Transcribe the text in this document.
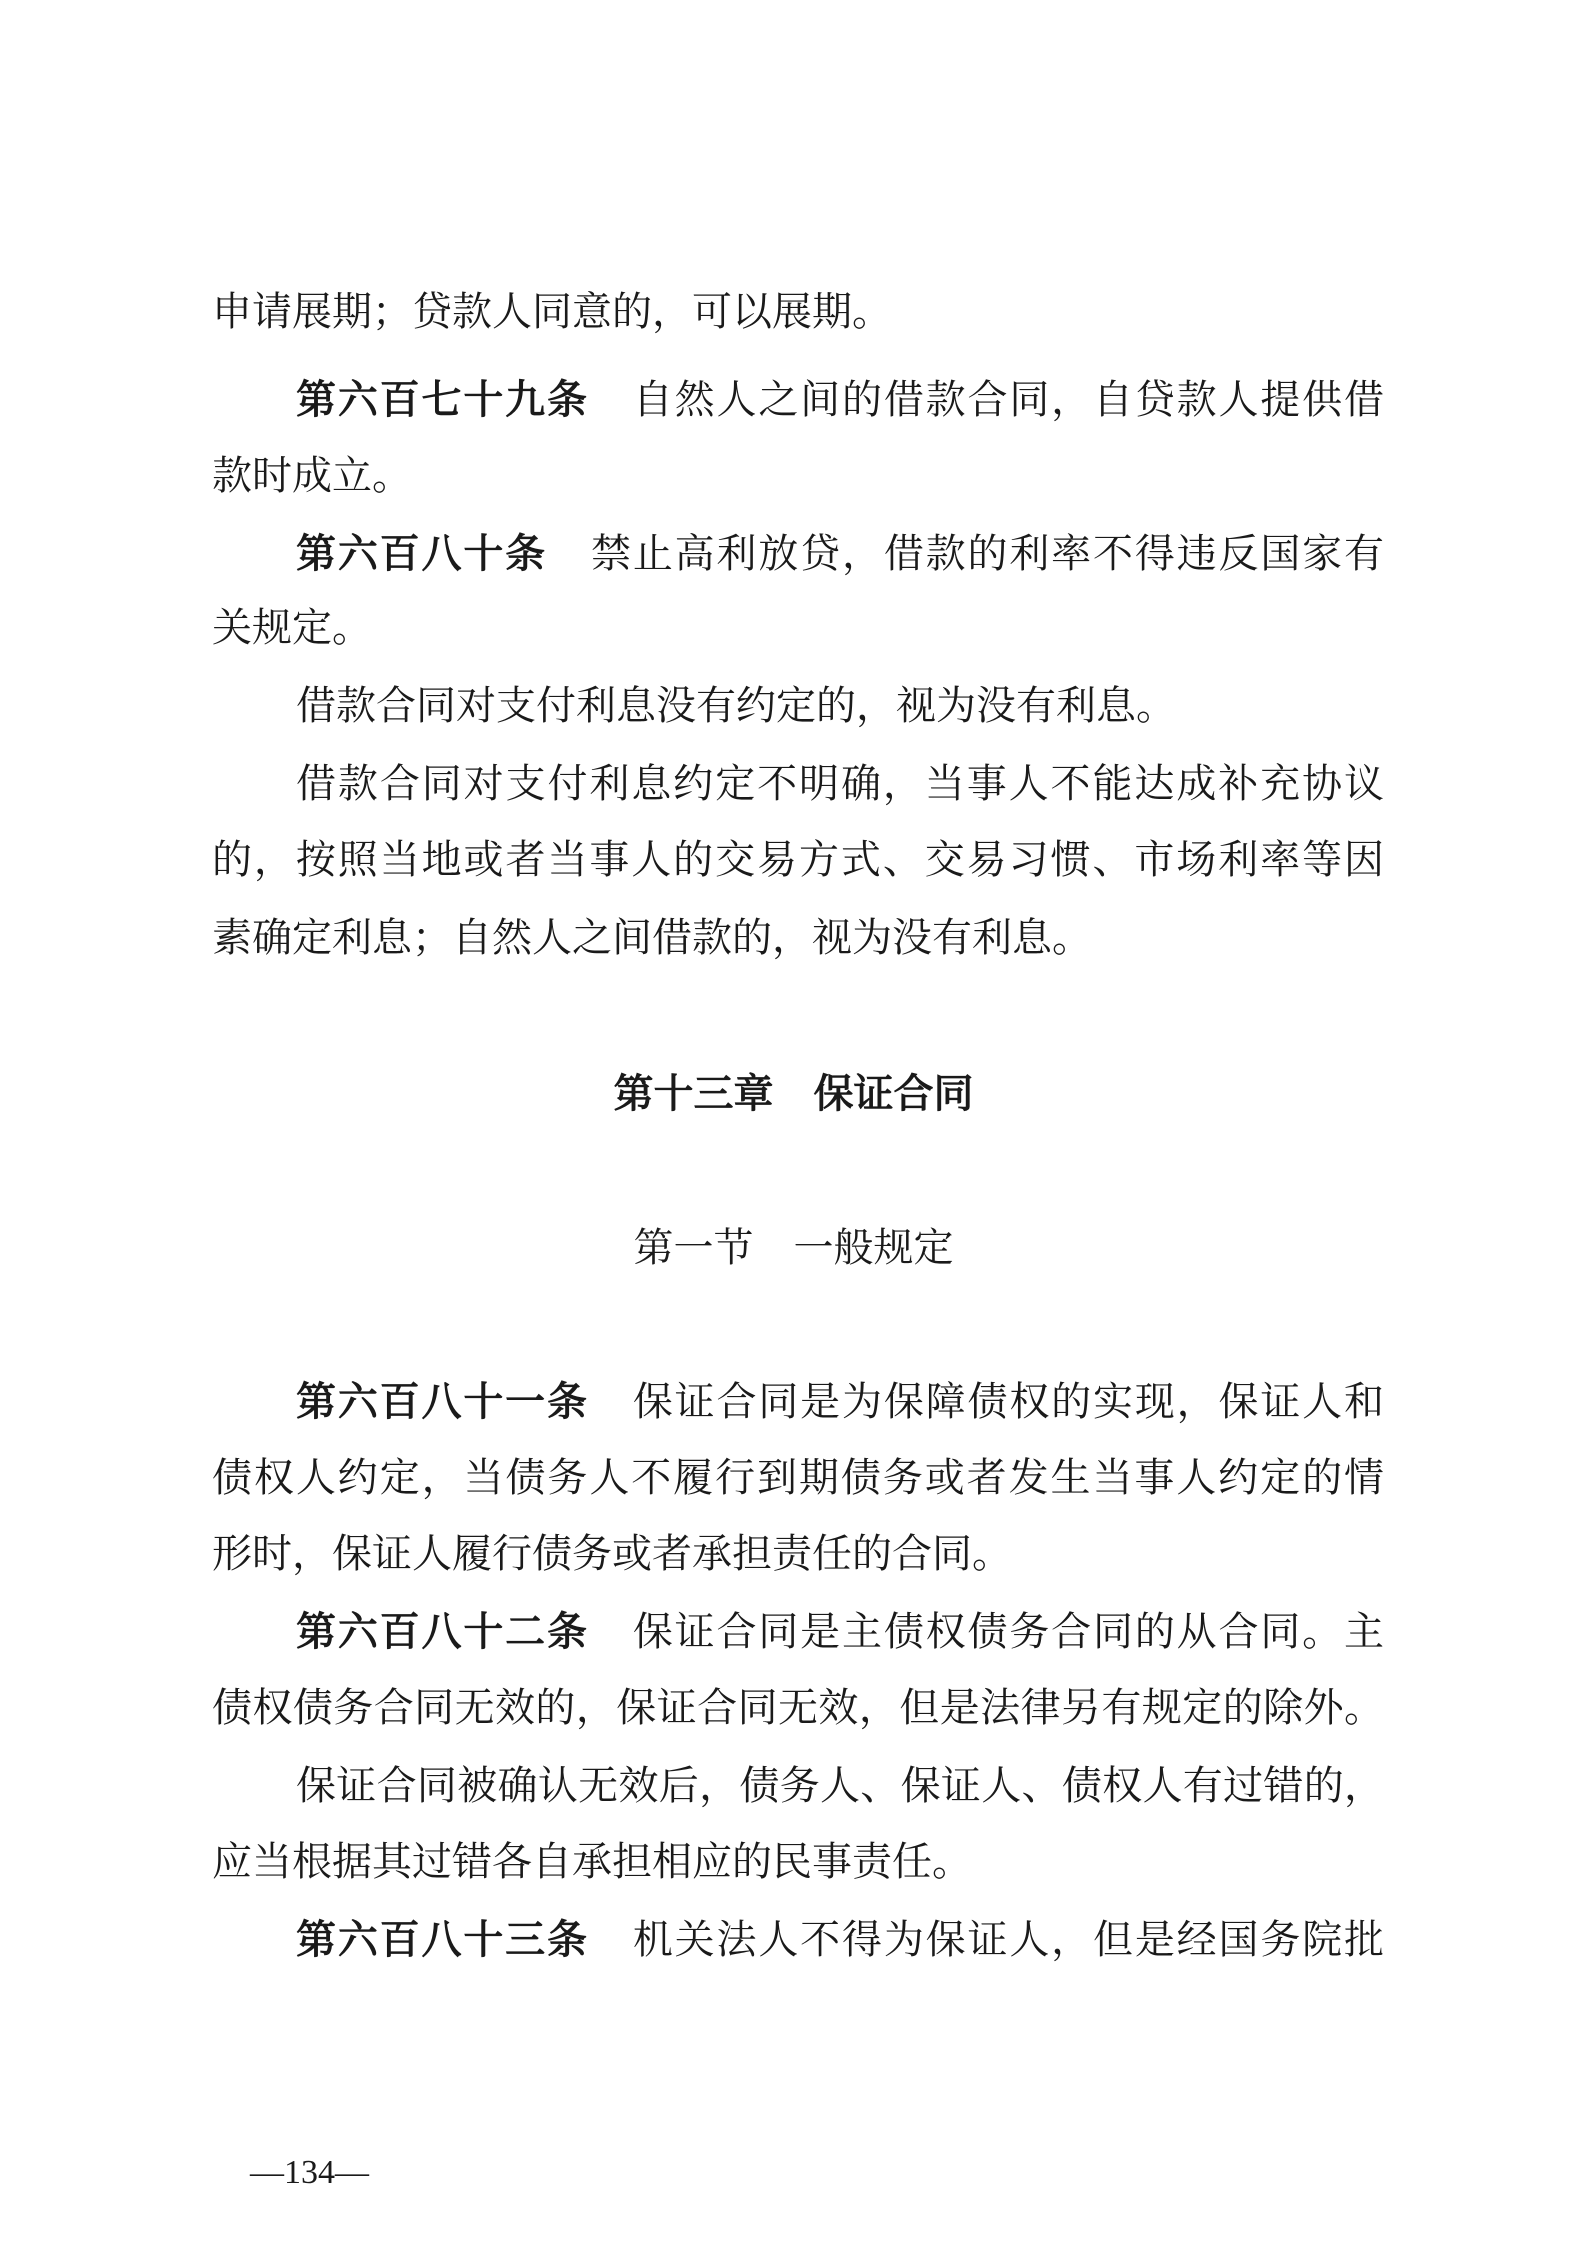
申请展期；贷款人同意的，可以展期。
第六百七十九条 自然人之间的借款合同，自贷款人提供借
款时成立。
第六百八十条 禁止高利放贷，借款的利率不得违反国家有
关规定。
借款合同对支付利息没有约定的，视为没有利息。
借款合同对支付利息约定不明确，当事人不能达成补充协议
的，按照当地或者当事人的交易方式、交易习惯、市场利率等因
素确定利息；自然人之间借款的，视为没有利息。
第十三章 保证合同
第一节 一般规定
第六百八十一条 保证合同是为保障债权的实现，保证人和
债权人约定，当债务人不履行到期债务或者发生当事人约定的情
形时，保证人履行债务或者承担责任的合同。
第六百八十二条 保证合同是主债权债务合同的从合同。主
债权债务合同无效的，保证合同无效，但是法律另有规定的除外。
保证合同被确认无效后，债务人、保证人、债权人有过错的，
应当根据其过错各自承担相应的民事责任。
第六百八十三条 机关法人不得为保证人，但是经国务院批
—134—
